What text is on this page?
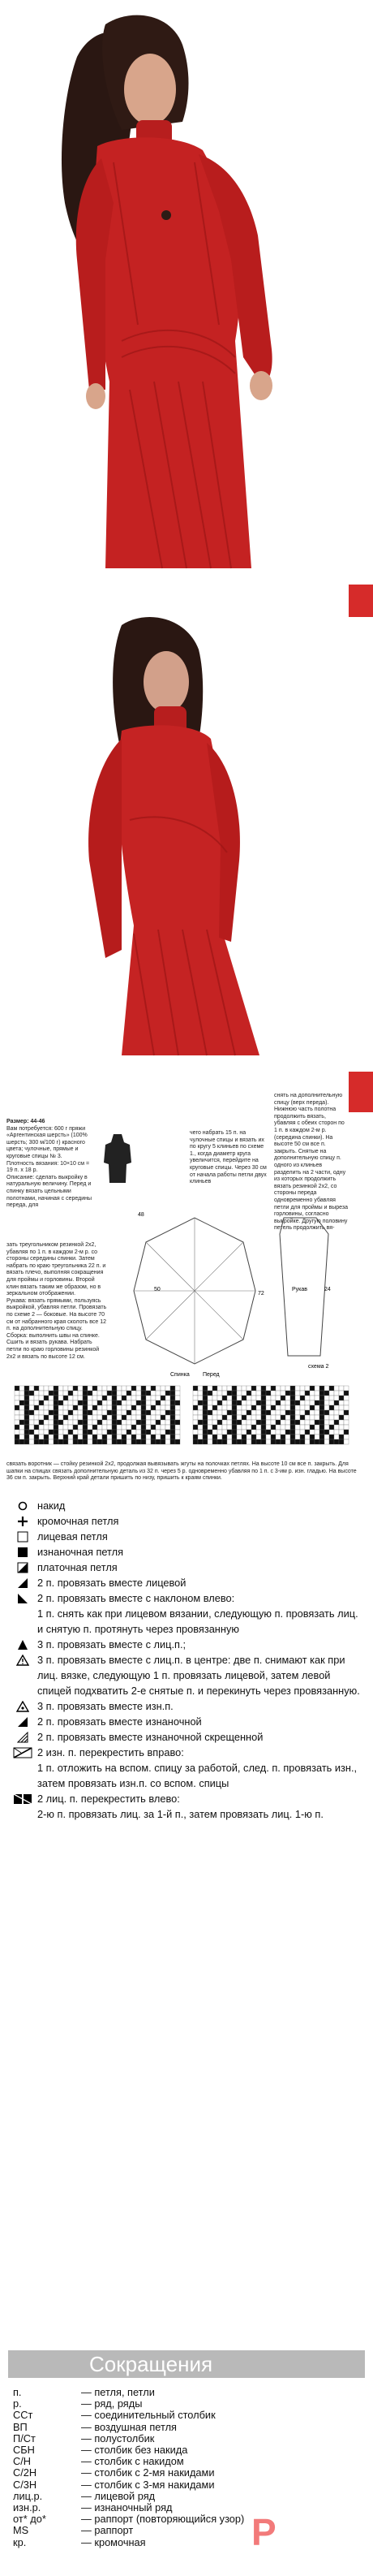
Размер: 44-46
Вам потребуется: 600 г пряжи «Аргентинская шерсть» (100% шерсть; 300 м/100 г) красного цвета; чулочные, прямые и круговые спицы № 3.
Плотность вязания: 10×10 см = 19 п. х 18 р.
Описание: сделать выкройку в натуральную величину. Перед и спинку вязать цельными полотнами, начиная с середины переда, для
чего набрать 15 п. на чулочные спицы и вязать их по кругу 5 клиньев по схеме 1., когда диаметр круга увеличится, перейдите на круговые спицы. Через 30 см от начала работы петли двух клиньев
снять на дополнительную спицу (верх переда). Нижнюю часть полотна продолжить вязать, убавляя с обеих сторон по 1 п. в каждом 2-м р. (середина спинки). На высоте 50 см все п. закрыть. Снятые на дополнительную спицу п. одного из клиньев разделить на 2 части, одну из которых продолжить вязать резинкой 2х2, со стороны переда одновременно убавляя петли для проймы и выреза горловины, согласно выкройке. Другую половину петель продолжить вя-
зать треугольником резинкой 2х2, убавляя по 1 п. в каждом 2-м р. со стороны середины спинки. Затем набрать по краю треугольника 22 п. и вязать плечо, выполняя сокращения для проймы и горловины. Второй клин вязать таким же образом, но в зеркальном отображении.
Рукава: вязать прямыми, пользуясь выкройкой, убавляя петли. Провязать по схеме 2 — боковые. На высоте 70 см от набранного края сколоть все 12 п. на дополнительную спицу.
Сборка: выполнить швы на спинке. Сшить и вязать рукава. Набрать петли по краю горловины резинкой 2х2 и вязать по высоте 12 см.
Рукав
Спинка Перед
48
72
50	24
схема 2
связать воротник — стойку резинкой 2х2, продолжая вывязывать жгуты на полочках петлях. На высоте 10 см все п. закрыть. Для шапки на спицах связать дополнительную деталь из 32 п. через 5 р. одновременно убавляя по 1 п. с 3-им р. изн. гладью. На высоте 36 см п. закрыть. Верхний край детали пришить по низу, пришить к краям спинки.
накид
кромочная петля
лицевая петля
изнаночная петля
платочная петля
2 п. провязать вместе лицевой
2 п. провязать вместе с наклоном влево:
1 п. снять как при лицевом вязании, следующую п. провязать лиц. и снятую п. протянуть через провязанную
3 п. провязать вместе с лиц.п.;
3 п. провязать вместе с лиц.п. в центре: две п. снимают как при лиц. вязке, следующую 1 п. провязать лицевой, затем левой спицей подхватить 2-е снятые п. и перекинуть через провязанную.
3 п. провязать вместе изн.п.
2 п. провязать вместе изнаночной
2 п. провязать вместе изнаночной скрещенной
2 изн. п. перекрестить вправо:
1 п. отложить на вспом. спицу за работой, след. п. провязать изн., затем провязать изн.п. со вспом. спицы
2 лиц. п. перекрестить влево:
2-ю п. провязать лиц. за 1-й п., затем провязать лиц. 1-ю п.
Сокращения
п.	— петля, петли
р.	— ряд, ряды
ССт	— соединительный столбик
ВП	— воздушная петля
П/Ст	— полустолбик
СБН	— столбик без накида
С/Н	— столбик с накидом
С/2Н	— столбик с 2-мя накидами
С/3Н	— столбик с 3-мя накидами
лиц.р.	— лицевой ряд
изн.р.	— изнаночный ряд
от* до*	— раппорт (повторяющийся узор)
MS	— раппорт
кр.	— кромочная	Р
